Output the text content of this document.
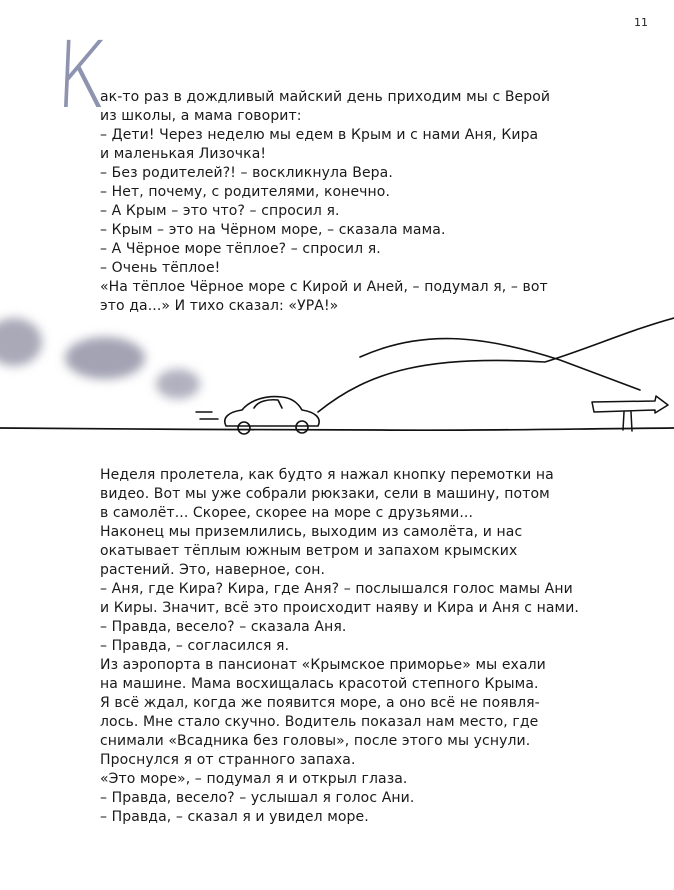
11
К
ак-то раз в дождливый майский день приходим мы с Верой
из школы, а мама говорит:
– Дети! Через неделю мы едем в Крым и с нами Аня, Кира
и маленькая Лизочка!
– Без родителей?! – воскликнула Вера.
– Нет, почему, с родителями, конечно.
– А Крым – это что? – спросил я.
– Крым – это на Чёрном море, – сказала мама.
– А Чёрное море тёплое? – спросил я.
– Очень тёплое!
«На тёплое Чёрное море с Кирой и Аней, – подумал я, – вот
это да...» И тихо сказал: «УРА!»
Неделя пролетела, как будто я нажал кнопку перемотки на
видео. Вот мы уже собрали рюкзаки, сели в машину, потом
в самолёт... Скорее, скорее на море с друзьями...
Наконец мы приземлились, выходим из самолёта, и нас
окатывает тёплым южным ветром и запахом крымских
растений. Это, наверное, сон.
– Аня, где Кира? Кира, где Аня? – послышался голос мамы Ани
и Киры. Значит, всё это происходит наяву и Кира и Аня с нами.
– Правда, весело? – сказала Аня.
– Правда, – согласился я.
Из аэропорта в пансионат «Крымское приморье» мы ехали
на машине. Мама восхищалась красотой степного Крыма.
Я всё ждал, когда же появится море, а оно всё не появля-
лось. Мне стало скучно. Водитель показал нам место, где
снимали «Всадника без головы», после этого мы уснули.
Проснулся я от странного запаха.
«Это море», – подумал я и открыл глаза.
– Правда, весело? – услышал я голос Ани.
– Правда, – сказал я и увидел море.
